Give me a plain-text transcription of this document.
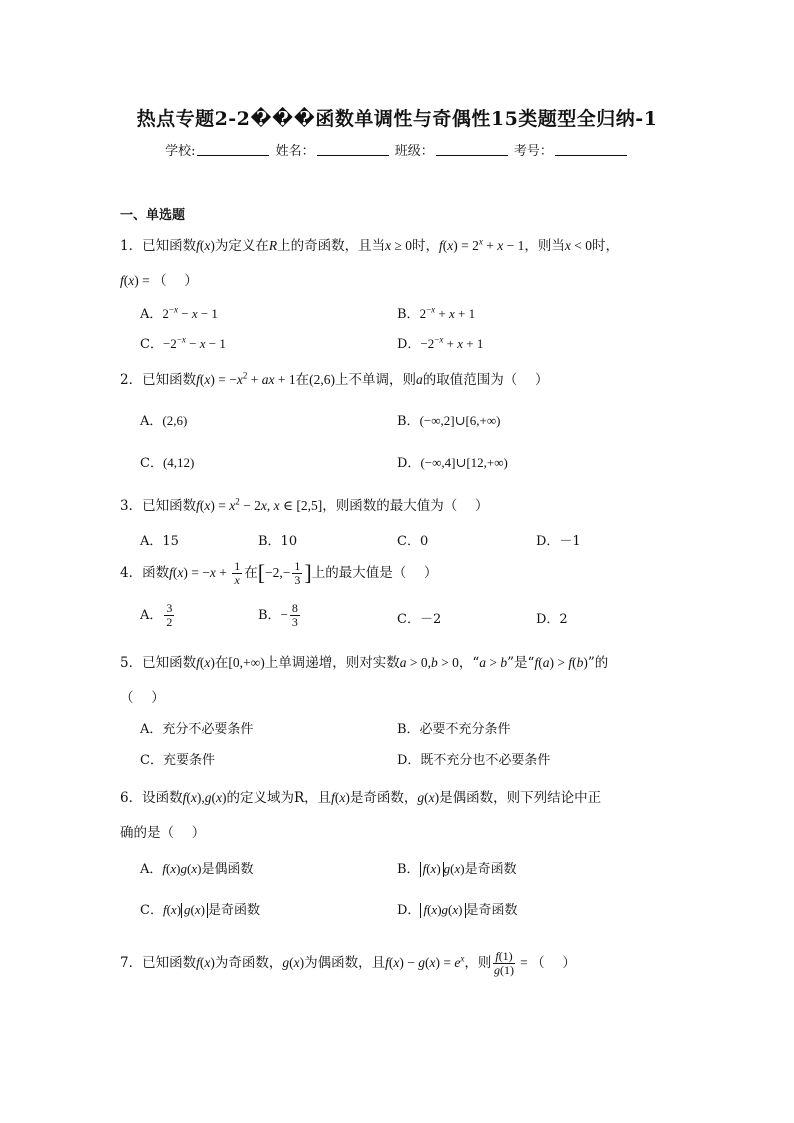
热点专题2-2���函数单调性与奇偶性15类题型全归纳-1
学校:	姓名：	班级：	考号：
一、单选题
1．已知函数f(x)为定义在R上的奇函数，且当x ≥ 0时，$f(x) = 2^x + x - 1$，则当x < 0时，
f(x) = （　 ）
A．$2^{-x} - x - 1$	B．$2^{-x} + x + 1$
C．$-2^{-x} - x - 1$	D．$-2^{-x} + x + 1$
2．已知函数$f(x) = -x^2$ + ax + 1在(2,6)上不单调，则a的取值范围为（　 ）
A．(2,6)	B．(−∞,2]∪[6,+∞)
C．(4,12)	D．(−∞,4]∪[12,+∞)
3．已知函数$f(x) = x^2 - 2x$, x ∈ [2,5]，则函数的最大值为（　 ）
A．15	B．10	C．0	D．－1
4．函数$f(x) = -x + \frac{1}{x}$ 在[$-2,- \frac{1}{3}$ ]上的最大值是（　 ）
A． $\frac{3}{2}$	B．− $\frac{8}{3}$	C．－2	D．2
5．已知函数f(x)在[0,+∞)上单调递增，则对实数a > 0,b > 0，“a > b”是“f(a) > f(b)”的
（　 ）
A．充分不必要条件	B．必要不充分条件
C．充要条件	D．既不充分也不必要条件
6．设函数f(x),g(x)的定义域为R，且f(x)是奇函数，g(x)是偶函数，则下列结论中正
确的是（　 ）
A．f(x)g(x)是偶函数	B． f(x) g(x)是奇函数
C．f(x) g(x) 是奇函数	D． f(x)g(x) 是奇函数
7．已知函数f(x)为奇函数，g(x)为偶函数，且$f(x) - g(x) = e^x$，则 $\frac{f(1)}{g(1)}$ = （　 ）
